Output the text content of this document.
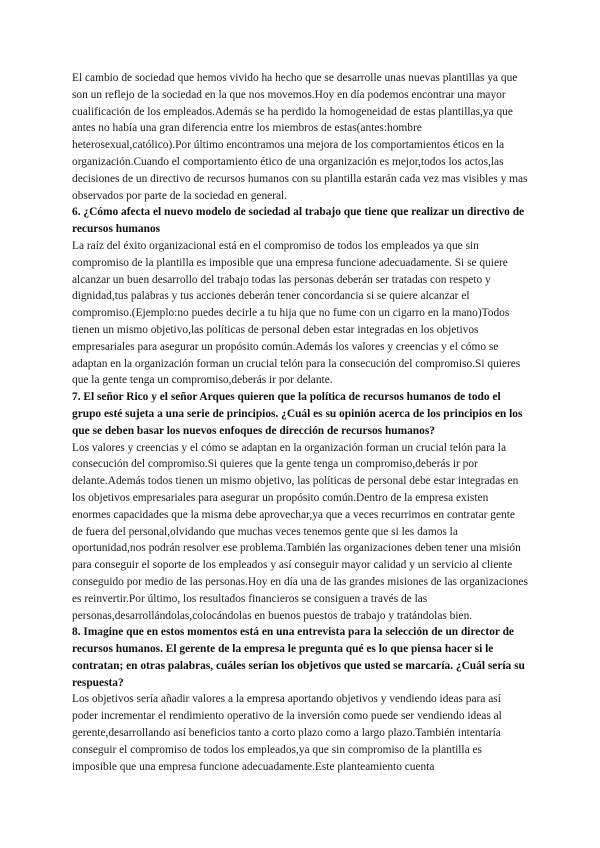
El cambio de sociedad que hemos vivido ha hecho que se desarrolle unas nuevas plantillas ya que son un reflejo de la sociedad en la que nos movemos.Hoy en día podemos encontrar una mayor cualificación de los empleados.Además se ha perdido la homogeneidad de estas plantillas,ya que antes no había una gran diferencia entre los miembros de estas(antes:hombre heterosexual,católico).Por último encontramos una mejora de los comportamientos éticos en la organización.Cuando el comportamiento ético de una organización es mejor,todos los actos,las decisiones de un directivo de recursos humanos con su plantilla estarán cada vez mas visibles y mas observados por parte de la sociedad en general.

6. ¿Cómo afecta el nuevo modelo de sociedad al trabajo que tiene que realizar un directivo de recursos humanos

La raíz del éxito organizacional está en el compromiso de todos los empleados ya que sin compromiso de la plantilla es imposible que una empresa funcione adecuadamente. Si se quiere alcanzar un buen desarrollo del trabajo todas las personas deberán ser tratadas con respeto y dignidad,tus palabras y tus acciones deberán tener concordancia si se quiere alcanzar el compromiso.(Ejemplo:no puedes decirle a tu hija que no fume con un cigarro en la mano)Todos tienen un mismo objetivo,las políticas de personal deben estar integradas en los objetivos empresariales para asegurar un propósito común.Además los valores y creencias y el cómo se adaptan en la organización forman un crucial telón para la consecución del compromiso.Si quieres que la gente tenga un compromiso,deberás ir por delante.

7. El señor Rico y el señor Arques quieren que la política de recursos humanos de todo el grupo esté sujeta a una serie de principios. ¿Cuál es su opinión acerca de los principios en los que se deben basar los nuevos enfoques de dirección de recursos humanos?

Los valores y creencias y el cómo se adaptan en la organización forman un crucial telón para la consecución del compromiso.Si quieres que la gente tenga un compromiso,deberás ir por delante.Además todos tienen un mismo objetivo, las políticas de personal debe estar integradas en los objetivos empresariales para asegurar un propósito común.Dentro de la empresa existen enormes capacidades que la misma debe aprovechar,ya que a veces recurrimos en contratar gente de fuera del personal,olvidando que muchas veces tenemos gente que si les damos la oportunidad,nos podrán resolver ese problema.También las organizaciones deben tener una misión para conseguir el soporte de los empleados y así conseguir mayor calidad y un servicio al cliente conseguido por medio de las personas.Hoy en día una de las grandes misiones de las organizaciones es reinvertir.Por último, los resultados financieros se consiguen a través de las personas,desarrollándolas,colocándolas en buenos puestos de trabajo y tratándolas bien.

8. Imagine que en estos momentos está en una entrevista para la selección de un director de recursos humanos. El gerente de la empresa le pregunta qué es lo que piensa hacer si le contratan; en otras palabras, cuáles serían los objetivos que usted se marcaría. ¿Cuál sería su respuesta?

Los objetivos sería añadir valores a la empresa aportando objetivos y vendiendo ideas para así poder incrementar el rendimiento operativo de la inversión como puede ser vendiendo ideas al gerente,desarrollando así beneficios tanto a corto plazo como a largo plazo.También intentaría conseguir el compromiso de todos los empleados,ya que sin compromiso de la plantilla es imposible que una empresa funcione adecuadamente.Este planteamiento cuenta
